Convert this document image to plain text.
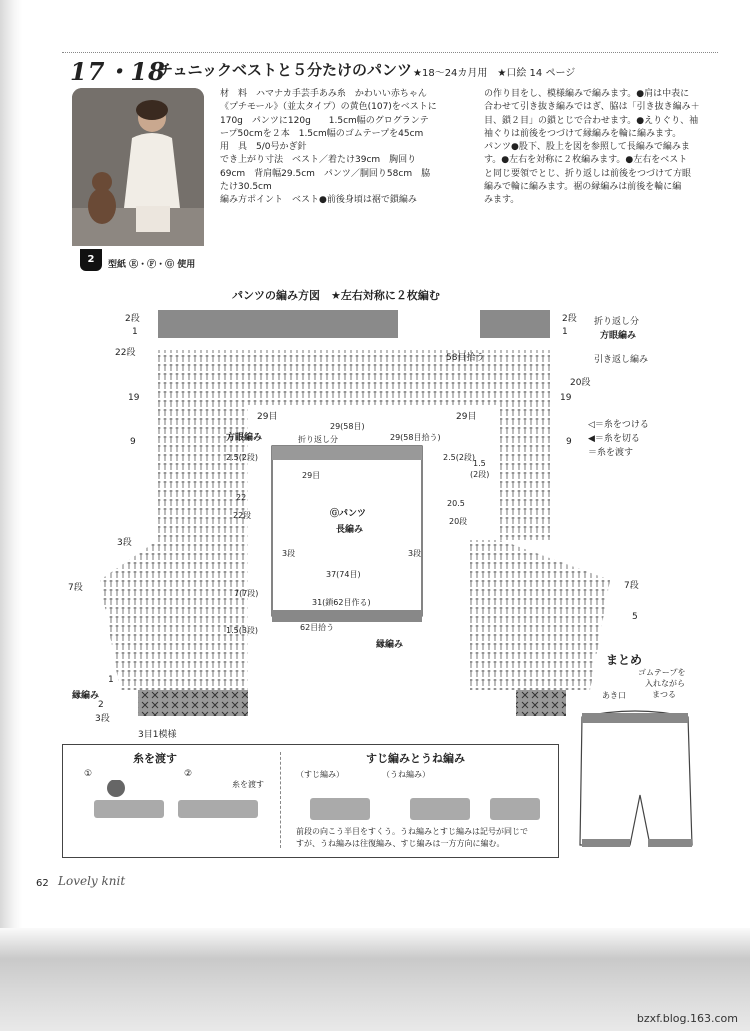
17・18
チュニックベストと５分たけのパンツ ★18～24カ月用　★口絵 14 ページ
2	型紙 Ⓔ・Ⓕ・Ⓖ 使用
材　料　ハマナカ手芸手あみ糸　かわいい赤ちゃん
《プチモール》（並太タイプ）の黄色(107)をベストに
170g　パンツに120g　　1.5cm幅のグログランテ
ープ50cmを２本　1.5cm幅のゴムテープを45cm
用　具　5/0号かぎ針
でき上がり寸法　ベスト／着たけ39cm　胸回り
69cm　背肩幅29.5cm　パンツ／胴回り58cm　脇
たけ30.5cm
編み方ポイント　ベスト●前後身頃は裾で鎖編み
の作り目をし、模様編みで編みます。●肩は中表に
合わせて引き抜き編みではぎ、脇は「引き抜き編み＋
目、鎖２目」の鎖とじで合わせます。●えりぐり、袖
袖ぐりは前後をつづけて縁編みを輪に編みます。
パンツ●股下、股上を図を参照して長編みで編みま
す。●左右を対称に２枚編みます。●左右をベスト
と同じ要領でとじ、折り返しは前後をつづけて方眼
編みで輪に編みます。裾の縁編みは前後を輪に編
みます。
パンツの編み方図　★左右対称に２枚編む
2段
1
22段
19
9
3段
7段
1
縁編み
2
3段
2段
1
20段
19
9
7段
5
折り返し分
方眼編み
引き返し編み
58目拾う
29目	29目
3目1模様
方眼編み	折り返し分
29(58目)
29(58目拾う)
29目
2.5(2段)
22
22段
2.5(2段)
1.5
(2段)
20.5
20段
Ⓖパンツ
長編み
3段	3段
37(74目)
31(鎖62目作る)
62目拾う
7(7段)
1.5(3段)
縁編み
◁＝糸をつける
◀＝糸を切る
＝糸を渡す
糸を渡す
①	②
糸を渡す
すじ編みとうね編み
（すじ編み）	（うね編み）
前段の向こう半目をすくう。うね編みとすじ編みは記号が同じで
すが、うね編みは往復編み、すじ編みは一方方向に編む。
まとめ
ゴムテープを
入れながら
まつる
あき口
62 Lovely knit
bzxf.blog.163.com
